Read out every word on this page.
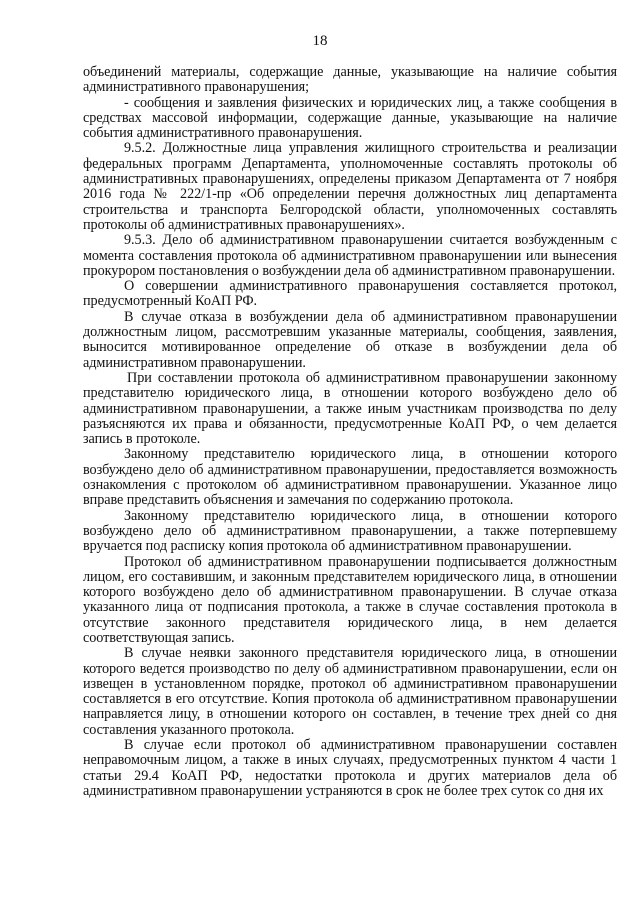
18

объединений материалы, содержащие данные, указывающие на наличие события административного правонарушения;

- сообщения и заявления физических и юридических лиц, а также сообщения в средствах массовой информации, содержащие данные, указывающие на наличие события административного правонарушения.

9.5.2. Должностные лица управления жилищного строительства и реализации федеральных программ Департамента, уполномоченные составлять протоколы об административных правонарушениях, определены приказом Департамента от 7 ноября 2016 года № 222/1-пр «Об определении перечня должностных лиц департамента строительства и транспорта Белгородской области, уполномоченных составлять протоколы об административных правонарушениях».

9.5.3. Дело об административном правонарушении считается возбужденным с момента составления протокола об административном правонарушении или вынесения прокурором постановления о возбуждении дела об административном правонарушении.

О совершении административного правонарушения составляется протокол, предусмотренный КоАП РФ.

В случае отказа в возбуждении дела об административном правонарушении должностным лицом, рассмотревшим указанные материалы, сообщения, заявления, выносится мотивированное определение об отказе в возбуждении дела об административном правонарушении.

При составлении протокола об административном правонарушении законному представителю юридического лица, в отношении которого возбуждено дело об административном правонарушении, а также иным участникам производства по делу разъясняются их права и обязанности, предусмотренные КоАП РФ, о чем делается запись в протоколе.

Законному представителю юридического лица, в отношении которого возбуждено дело об административном правонарушении, предоставляется возможность ознакомления с протоколом об административном правонарушении. Указанное лицо вправе представить объяснения и замечания по содержанию протокола.

Законному представителю юридического лица, в отношении которого возбуждено дело об административном правонарушении, а также потерпевшему вручается под расписку копия протокола об административном правонарушении.

Протокол об административном правонарушении подписывается должностным лицом, его составившим, и законным представителем юридического лица, в отношении которого возбуждено дело об административном правонарушении. В случае отказа указанного лица от подписания протокола, а также в случае составления протокола в отсутствие законного представителя юридического лица, в нем делается соответствующая запись.

В случае неявки законного представителя юридического лица, в отношении которого ведется производство по делу об административном правонарушении, если он извещен в установленном порядке, протокол об административном правонарушении составляется в его отсутствие. Копия протокола об административном правонарушении направляется лицу, в отношении которого он составлен, в течение трех дней со дня составления указанного протокола.

В случае если протокол об административном правонарушении составлен неправомочным лицом, а также в иных случаях, предусмотренных пунктом 4 части 1 статьи 29.4 КоАП РФ, недостатки протокола и других материалов дела об административном правонарушении устраняются в срок не более трех суток со дня их
